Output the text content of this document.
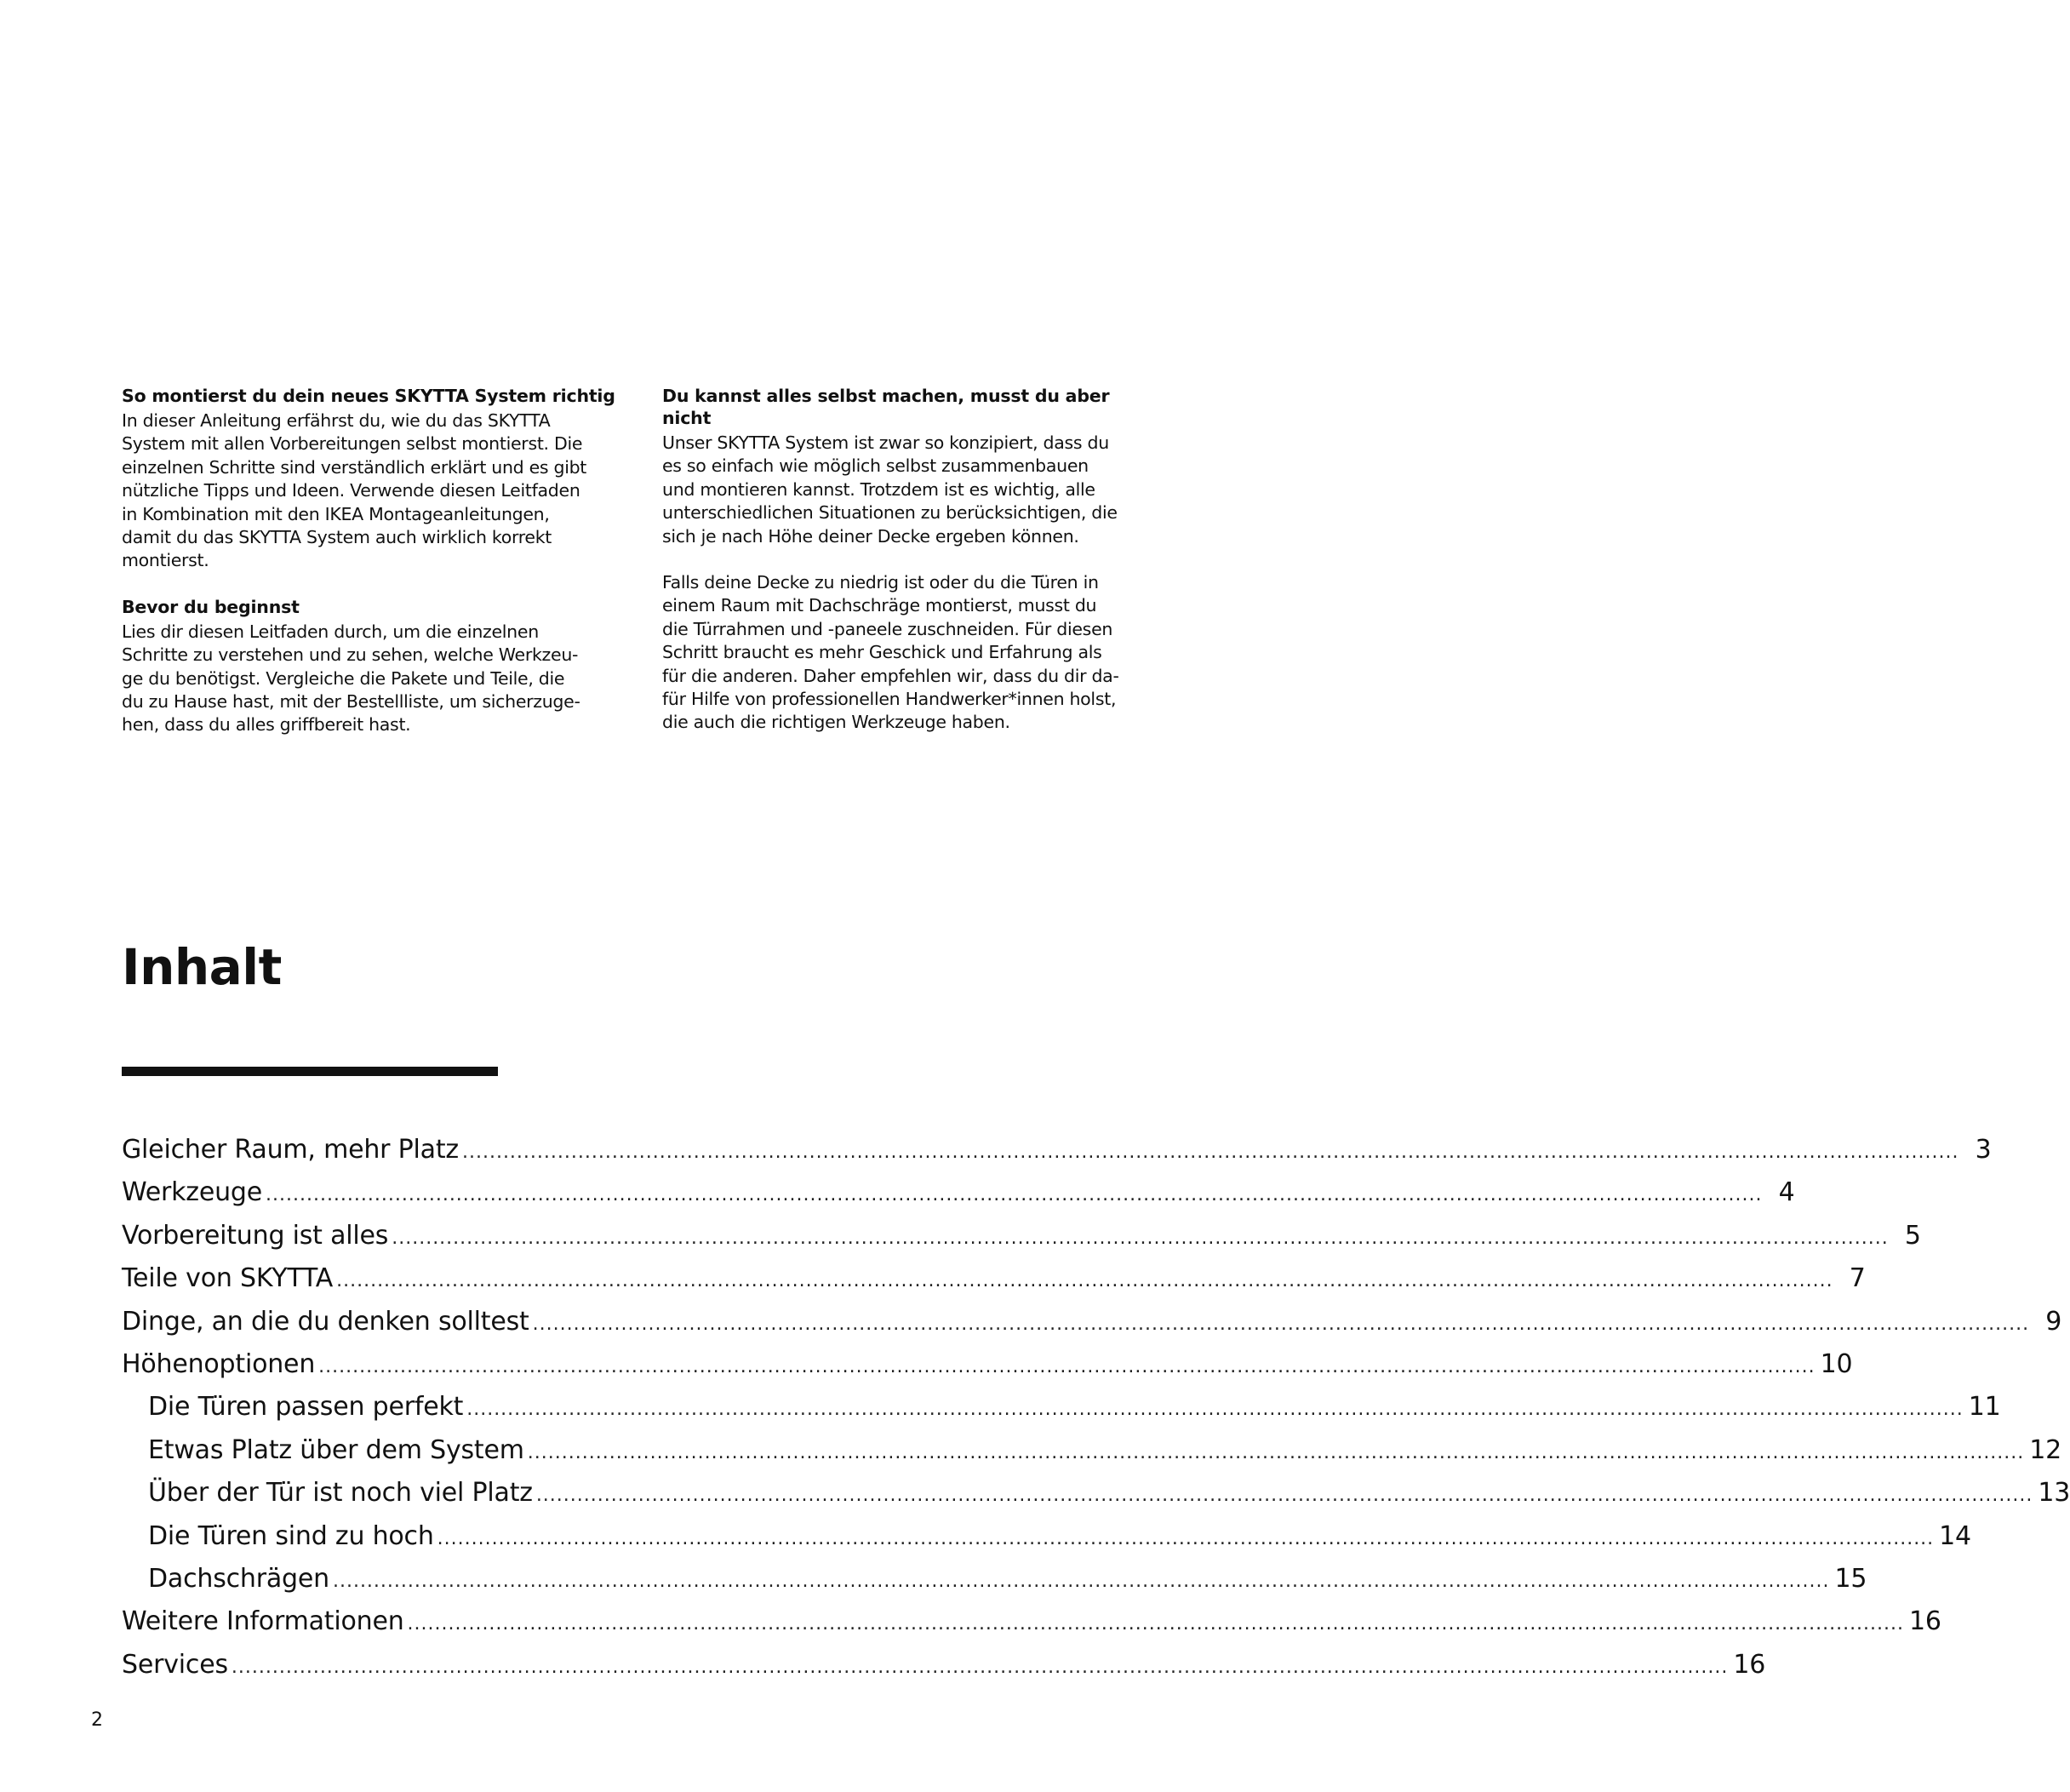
So montierst du dein neues SKYTTA System richtig
In dieser Anleitung erfährst du, wie du das SKYTTA
System mit allen Vorbereitungen selbst montierst. Die
einzelnen Schritte sind verständlich erklärt und es gibt
nützliche Tipps und Ideen. Verwende diesen Leitfaden
in Kombination mit den IKEA Montageanleitungen,
damit du das SKYTTA System auch wirklich korrekt
montierst.
Bevor du beginnst
Lies dir diesen Leitfaden durch, um die einzelnen
Schritte zu verstehen und zu sehen, welche Werkzeu-
ge du benötigst. Vergleiche die Pakete und Teile, die
du zu Hause hast, mit der Bestellliste, um sicherzuge-
hen, dass du alles griffbereit hast.
Du kannst alles selbst machen, musst du aber
nicht
Unser SKYTTA System ist zwar so konzipiert, dass du
es so einfach wie möglich selbst zusammenbauen
und montieren kannst. Trotzdem ist es wichtig, alle
unterschiedlichen Situationen zu berücksichtigen, die
sich je nach Höhe deiner Decke ergeben können.
Falls deine Decke zu niedrig ist oder du die Türen in
einem Raum mit Dachschräge montierst, musst du
die Türrahmen und -paneele zuschneiden. Für diesen
Schritt braucht es mehr Geschick und Erfahrung als
für die anderen. Daher empfehlen wir, dass du dir da-
für Hilfe von professionellen Handwerker*innen holst,
die auch die richtigen Werkzeuge haben.
Inhalt
Gleicher Raum, mehr Platz ............................................................................................................................................................................................................................ 3
Werkzeuge ............................................................................................................................................................................................................................ 4
Vorbereitung ist alles ............................................................................................................................................................................................................................ 5
Teile von SKYTTA ............................................................................................................................................................................................................................ 7
Dinge, an die du denken solltest ............................................................................................................................................................................................................................ 9
Höhenoptionen ............................................................................................................................................................................................................................ 10
Die Türen passen perfekt ............................................................................................................................................................................................................................ 11
Etwas Platz über dem System ............................................................................................................................................................................................................................ 12
Über der Tür ist noch viel Platz ............................................................................................................................................................................................................................ 13
Die Türen sind zu hoch ............................................................................................................................................................................................................................ 14
Dachschrägen ............................................................................................................................................................................................................................ 15
Weitere Informationen ............................................................................................................................................................................................................................ 16
Services ............................................................................................................................................................................................................................ 16
2
